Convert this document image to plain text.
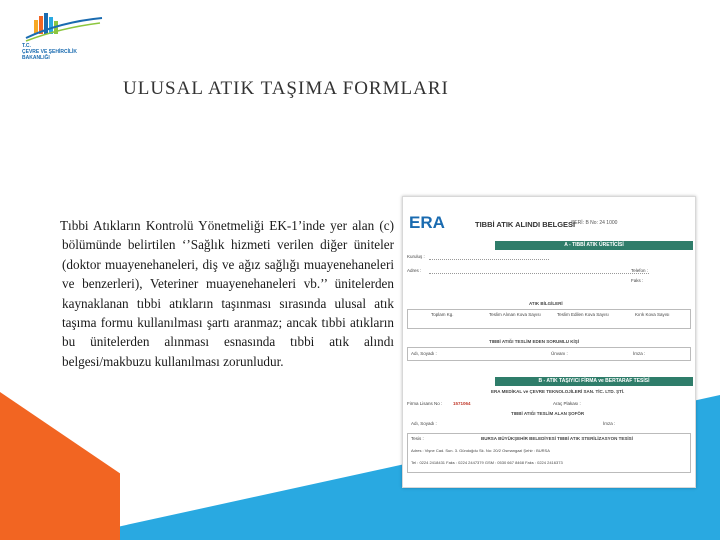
T.C.
ÇEVRE VE ŞEHİRCİLİK
BAKANLIĞI
ULUSAL ATIK TAŞIMA FORMLARI

Tıbbi Atıkların Kontrolü Yönetmeliği EK-1’inde yer alan (c) bölümünde belirtilen ‘’Sağlık hizmeti verilen diğer üniteler (doktor muayenehaneleri, diş ve ağız sağlığı muayenehaneleri ve benzerleri), Veteriner muayenehaneleri vb.’’ ünitelerden kaynaklanan tıbbi atıkların taşınması sırasında ulusal atık taşıma formu kullanılması şartı aranmaz; ancak tıbbi atıkların bu ünitelerden alınması esnasında tıbbi atık alındı belgesi/makbuzu kullanılması zorunludur.

ERA	TIBBİ ATIK ALINDI BELGESİ
SERİ: B No: 24 1000
A - TIBBİ ATIK ÜRETİCİSİ
Kuruluş :
Adres :	Telefon :
Faks :
ATIK BİLGİLERİ
Toplam Kg.	Teslim Alınan Kova Sayısı	Teslim Edilen Kova Sayısı	Kırık Kova Sayısı
TIBBİ ATIĞI TESLİM EDEN SORUMLU KİŞİ
Adı, Soyadı :	Ünvanı :	İmza :
B - ATIK TAŞIYICI FİRMA ve BERTARAF TESİSİ
ERA MEDİKAL ve ÇEVRE TEKNOLOJİLERİ SAN. TİC. LTD. ŞTİ.
Firma Lisans No : 1571064	Araç Plakası :
TIBBİ ATIĞI TESLİM ALAN ŞOFÖR
Adı, Soyadı :	İmza :
Tesis :	BURSA BÜYÜKŞEHİR BELEDİYESİ TIBBİ ATIK STERİLİZASYON TESİSİ
Adres : Vişne Cad. Sun. 3. Gündoğdu Sk. No: 20/2 Osmangazi Şehir : BURSA
Tel : 0224 2418431 Faks : 0224 2447379 GSM : 0530 667 8468 Faks : 0224 2416373
